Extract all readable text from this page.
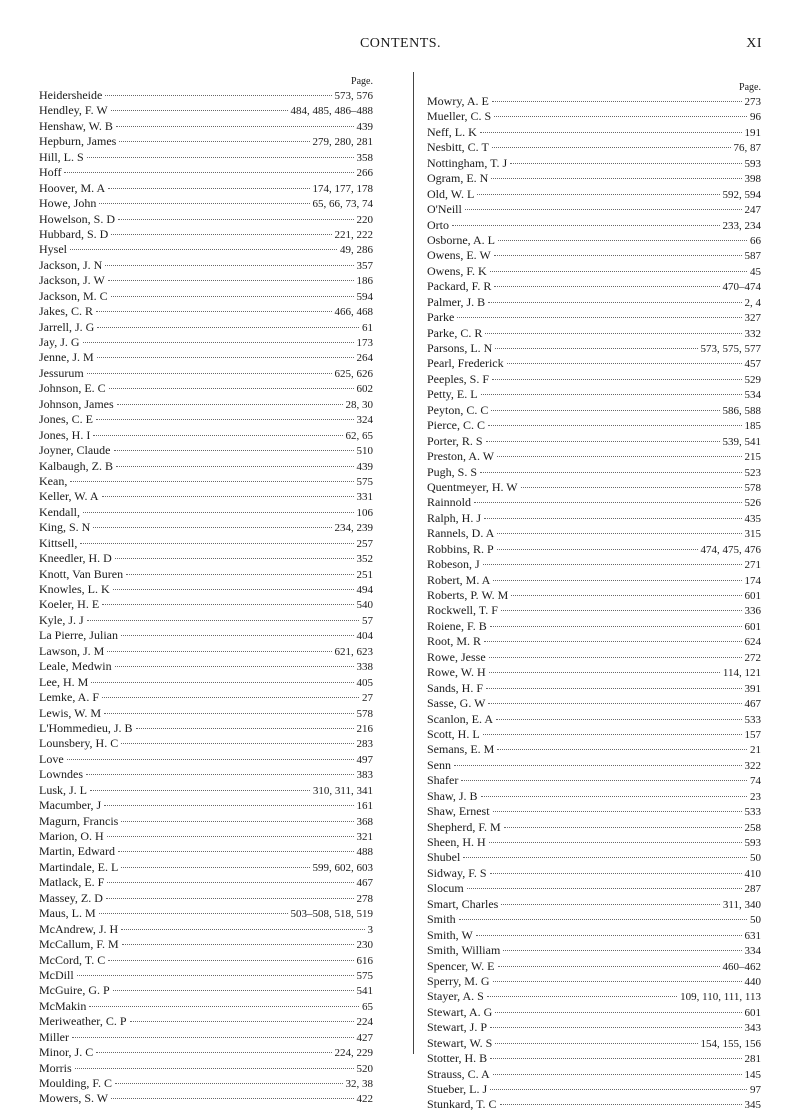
CONTENTS.	XI
Page.
Heidersheide	573, 576
Hendley, F. W	484, 485, 486–488
Henshaw, W. B	439
Hepburn, James	279, 280, 281
Hill, L. S	358
Hoff	266
Hoover, M. A	174, 177, 178
Howe, John	65, 66, 73, 74
Howelson, S. D	220
Hubbard, S. D	221, 222
Hysel	49, 286
Jackson, J. N	357
Jackson, J. W	186
Jackson, M. C	594
Jakes, C. R	466, 468
Jarrell, J. G	61
Jay, J. G	173
Jenne, J. M	264
Jessurum	625, 626
Johnson, E. C	602
Johnson, James	28, 30
Jones, C. E	324
Jones, H. I	62, 65
Joyner, Claude	510
Kalbaugh, Z. B	439
Kean,	575
Keller, W. A	331
Kendall,	106
King, S. N	234, 239
Kittsell,	257
Kneedler, H. D	352
Knott, Van Buren	251
Knowles, L. K	494
Koeler, H. E	540
Kyle, J. J	57
La Pierre, Julian	404
Lawson, J. M	621, 623
Leale, Medwin	338
Lee, H. M	405
Lemke, A. F	27
Lewis, W. M	578
L'Hommedieu, J. B	216
Lounsbery, H. C	283
Love	497
Lowndes	383
Lusk, J. L	310, 311, 341
Macumber, J	161
Magurn, Francis	368
Marion, O. H	321
Martin, Edward	488
Martindale, E. L	599, 602, 603
Matlack, E. F	467
Massey, Z. D	278
Maus, L. M	503–508, 518, 519
McAndrew, J. H	3
McCallum, F. M	230
McCord, T. C	616
McDill	575
McGuire, G. P	541
McMakin	65
Meriweather, C. P	224
Miller	427
Minor, J. C	224, 229
Morris	520
Moulding, F. C	32, 38
Mowers, S. W	422
Page.
Mowry, A. E	273
Mueller, C. S	96
Neff, L. K	191
Nesbitt, C. T	76, 87
Nottingham, T. J	593
Ogram, E. N	398
Old, W. L	592, 594
O'Neill	247
Orto	233, 234
Osborne, A. L	66
Owens, E. W	587
Owens, F. K	45
Packard, F. R	470–474
Palmer, J. B	2, 4
Parke	327
Parke, C. R	332
Parsons, L. N	573, 575, 577
Pearl, Frederick	457
Peeples, S. F	529
Petty, E. L	534
Peyton, C. C	586, 588
Pierce, C. C	185
Porter, R. S	539, 541
Preston, A. W	215
Pugh, S. S	523
Quentmeyer, H. W	578
Rainnold	526
Ralph, H. J	435
Rannels, D. A	315
Robbins, R. P	474, 475, 476
Robeson, J	271
Robert, M. A	174
Roberts, P. W. M	601
Rockwell, T. F	336
Roiene, F. B	601
Root, M. R	624
Rowe, Jesse	272
Rowe, W. H	114, 121
Sands, H. F	391
Sasse, G. W	467
Scanlon, E. A	533
Scott, H. L	157
Semans, E. M	21
Senn	322
Shafer	74
Shaw, J. B	23
Shaw, Ernest	533
Shepherd, F. M	258
Sheen, H. H	593
Shubel	50
Sidway, F. S	410
Slocum	287
Smart, Charles	311, 340
Smith	50
Smith, W	631
Smith, William	334
Spencer, W. E	460–462
Sperry, M. G	440
Stayer, A. S	109, 110, 111, 113
Stewart, A. G	601
Stewart, J. P	343
Stewart, W. S	154, 155, 156
Stotter, H. B	281
Strauss, C. A	145
Stueber, L. J	97
Stunkard, T. C	345
